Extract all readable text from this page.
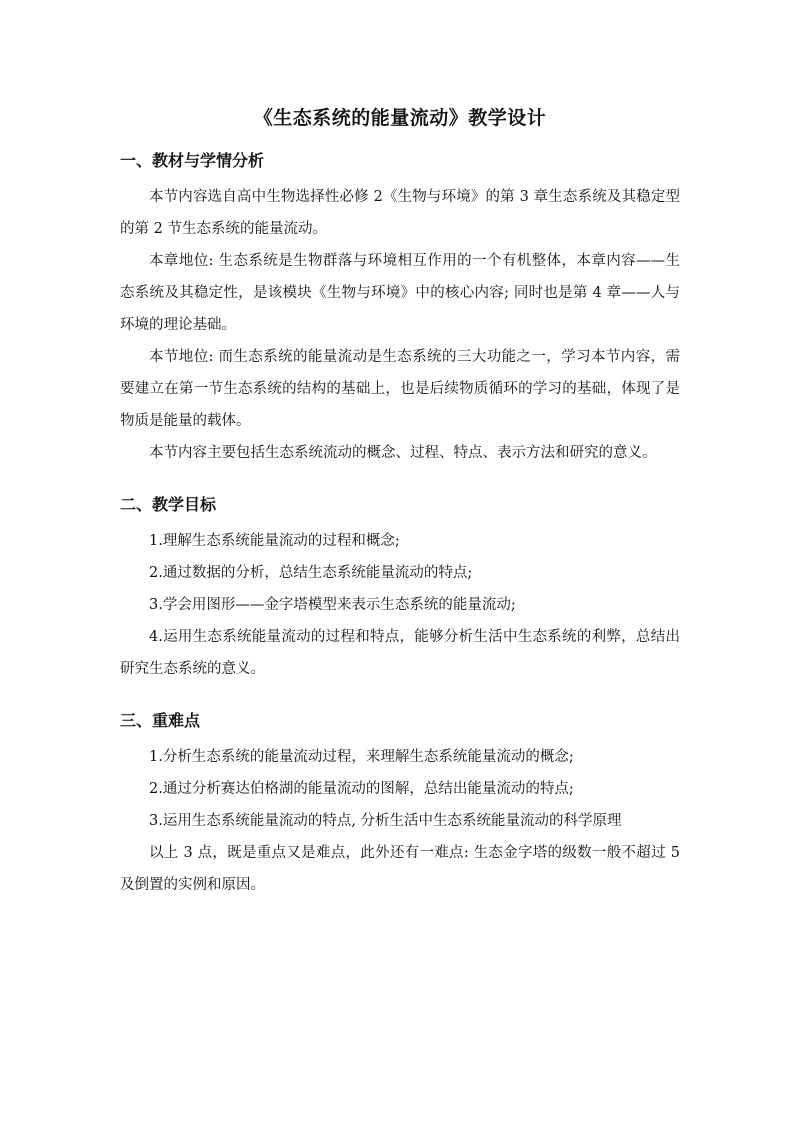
《生态系统的能量流动》教学设计
一、教材与学情分析

本节内容选自高中生物选择性必修 2《生物与环境》的第 3 章生态系统及其稳定型的第 2 节生态系统的能量流动。

本章地位: 生态系统是生物群落与环境相互作用的一个有机整体，本章内容——生态系统及其稳定性，是该模块《生物与环境》中的核心内容; 同时也是第 4 章——人与环境的理论基础。

本节地位: 而生态系统的能量流动是生态系统的三大功能之一，学习本节内容，需要建立在第一节生态系统的结构的基础上，也是后续物质循环的学习的基础，体现了是物质是能量的载体。

本节内容主要包括生态系统流动的概念、过程、特点、表示方法和研究的意义。

二、教学目标

1.理解生态系统能量流动的过程和概念;

2.通过数据的分析，总结生态系统能量流动的特点;

3.学会用图形——金字塔模型来表示生态系统的能量流动;

4.运用生态系统能量流动的过程和特点，能够分析生活中生态系统的利弊，总结出研究生态系统的意义。

三、重难点

1.分析生态系统的能量流动过程，来理解生态系统能量流动的概念;

2.通过分析赛达伯格湖的能量流动的图解，总结出能量流动的特点;

3.运用生态系统能量流动的特点, 分析生活中生态系统能量流动的科学原理

以上 3 点，既是重点又是难点，此外还有一难点: 生态金字塔的级数一般不超过 5 及倒置的实例和原因。
